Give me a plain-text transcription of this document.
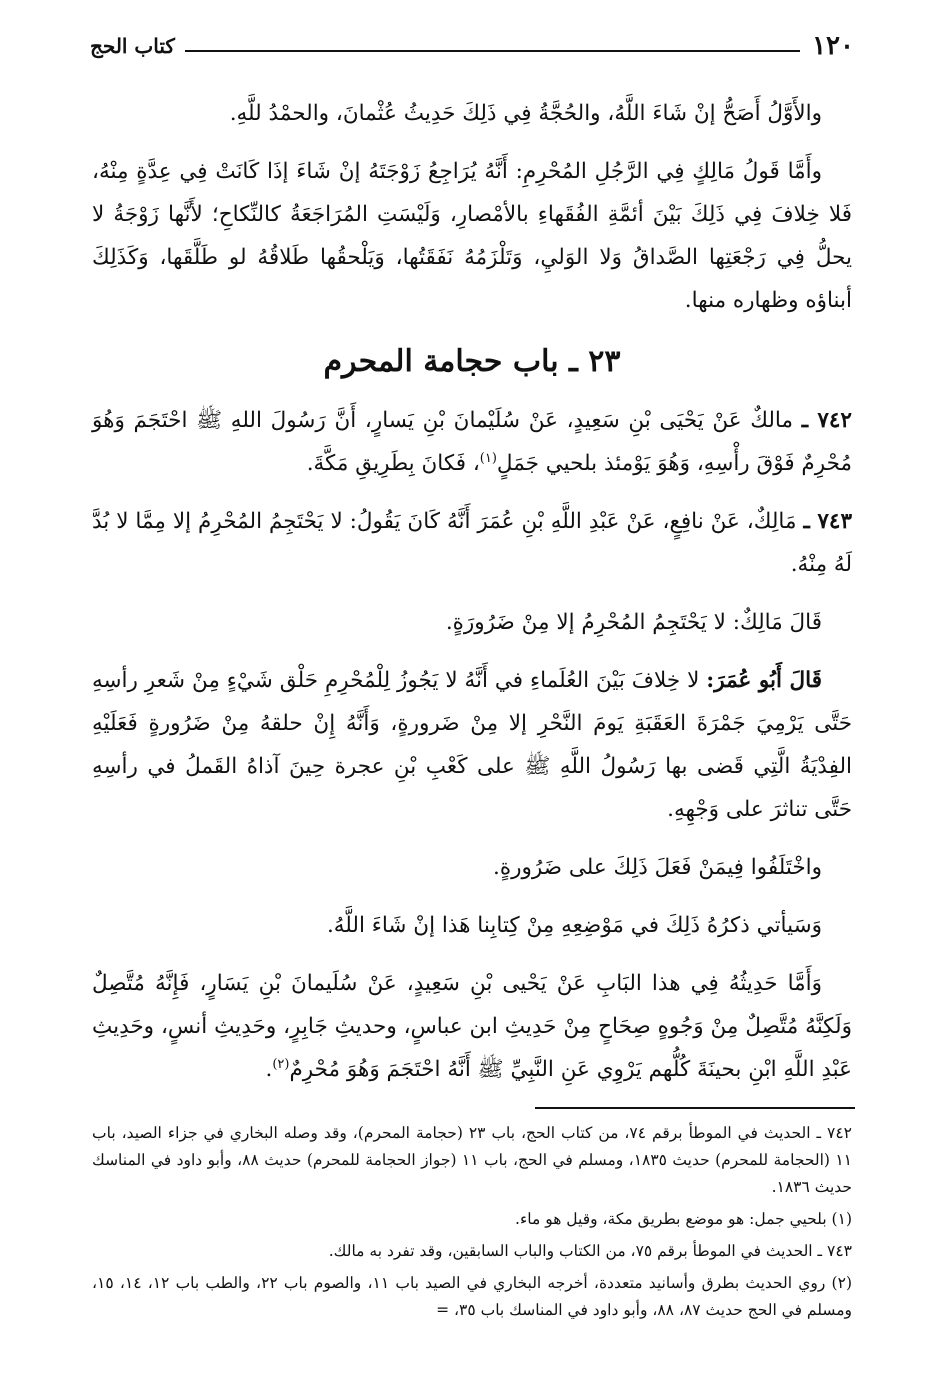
١٢٠
كتاب الحج

والأَوَّلُ أَصَحُّ إنْ شَاءَ اللَّهُ، والحُجَّةُ فِي ذَلِكَ حَدِيثُ عُثْمانَ، والحمْدُ للَّهِ.

وأَمَّا قَولُ مَالِكٍ فِي الرَّجُلِ المُحْرِمِ: أَنَّهُ يُرَاجِعُ زَوْجَتَهُ إنْ شَاءَ إذَا كَانَتْ فِي عِدَّةٍ مِنْهُ، فَلا خِلافَ فِي ذَلِكَ بَيْنَ أئمَّةِ الفُقَهاءِ بالأمْصارِ، وَلَيْسَتِ المُرَاجَعَةُ كالنِّكاحِ؛ لأَنَّها زَوْجَةُ لا يحلُّ فِي رَجْعَتِها الصَّداقُ وَلا الوَليِ، وَتَلْزَمُهُ نَفَقَتُها، وَيَلْحقُها طَلاقُهُ لو طَلَّقَها، وَكَذَلِكَ أبناؤه وظهاره منها.

٢٣ ـ باب حجامة المحرم

٧٤٢ ـ مالكٌ عَنْ يَحْيَى بْنِ سَعِيدٍ، عَنْ سُلَيْمانَ بْنِ يَسارٍ، أَنَّ رَسُولَ اللهِ ﷺ احْتَجَمَ وَهُوَ مُحْرِمٌ فَوْقَ رأْسِهِ، وَهُوَ يَوْمئذ بلحيي جَمَلٍ$^{(١)}$، فَكانَ بِطَرِيقِ مَكَّةَ.

٧٤٣ ـ مَالِكٌ، عَنْ نافِعٍ، عَنْ عَبْدِ اللَّهِ بْنِ عُمَرَ أَنَّهُ كَانَ يَقُولُ: لا يَحْتَجِمُ المُحْرِمُ إلا مِمَّا لا بُدَّ لَهُ مِنْهُ.

قَالَ مَالِكٌ: لا يَحْتَجِمُ المُحْرِمُ إلا مِنْ ضَرُورَةٍ.

قَالَ أَبُو عُمَرَ: لا خِلافَ بَيْنَ العُلَماءِ في أَنَّهُ لا يَجُوزُ لِلْمُحْرِمِ حَلْق شَيْءٍ مِنْ شَعرِ رأسِهِ حَتَّى يَرْمِيَ جَمْرَةَ العَقَبَةِ يَومَ النَّحْرِ إلا مِنْ ضَرورةٍ، وَأَنَّهُ إِنْ حلقهُ مِنْ ضَرُورةٍ فَعَلَيْهِ الفِدْيَةُ الَّتِي قَضى بها رَسُولُ اللَّهِ ﷺ على كَعْبِ بْنِ عجرة حِينَ آذاهُ القَملُ في رأسِهِ حَتَّى تناثرَ على وَجْهِهِ.

واخْتَلَفُوا فِيمَنْ فَعَلَ ذَلِكَ على ضَرُورةٍ.

وَسَيأتي ذكرُهُ ذَلِكَ في مَوْضِعِهِ مِنْ كِتابِنا هَذا إنْ شَاءَ اللَّهُ.

وَأَمَّا حَدِيثُهُ فِي هذا البَابِ عَنْ يَحْيى بْنِ سَعِيدٍ، عَنْ سُلَيمانَ بْنِ يَسَارٍ، فَإِنَّهُ مُتَّصِلٌ وَلَكِنَّهُ مُتَّصِلٌ مِنْ وَجُوهٍ صِحَاحٍ مِنْ حَدِيثِ ابن عباسٍ، وحديثِ جَابِرٍ، وحَدِيثِ أنسٍ، وحَدِيثِ عَبْدِ اللَّهِ ابْنِ بحينَةَ كُلُّهم يَرْوِي عَنِ النَّبِيِّ ﷺ أَنَّهُ احْتَجَمَ وَهُوَ مُحْرِمٌ$^{(٢)}$.

٧٤٢ ـ الحديث في الموطأ برقم ٧٤، من كتاب الحج، باب ٢٣ (حجامة المحرم)، وقد وصله البخاري في جزاء الصيد، باب ١١ (الحجامة للمحرم) حديث ١٨٣٥، ومسلم في الحج، باب ١١ (جواز الحجامة للمحرم) حديث ٨٨، وأبو داود في المناسك حديث ١٨٣٦.

(١) بلحيي جمل: هو موضع بطريق مكة، وقيل هو ماء.

٧٤٣ ـ الحديث في الموطأ برقم ٧٥، من الكتاب والباب السابقين، وقد تفرد به مالك.

(٢) روي الحديث بطرق وأسانيد متعددة، أخرجه البخاري في الصيد باب ١١، والصوم باب ٢٢، والطب باب ١٢، ١٤، ١٥، ومسلم في الحج حديث ٨٧، ٨٨، وأبو داود في المناسك باب ٣٥، =
